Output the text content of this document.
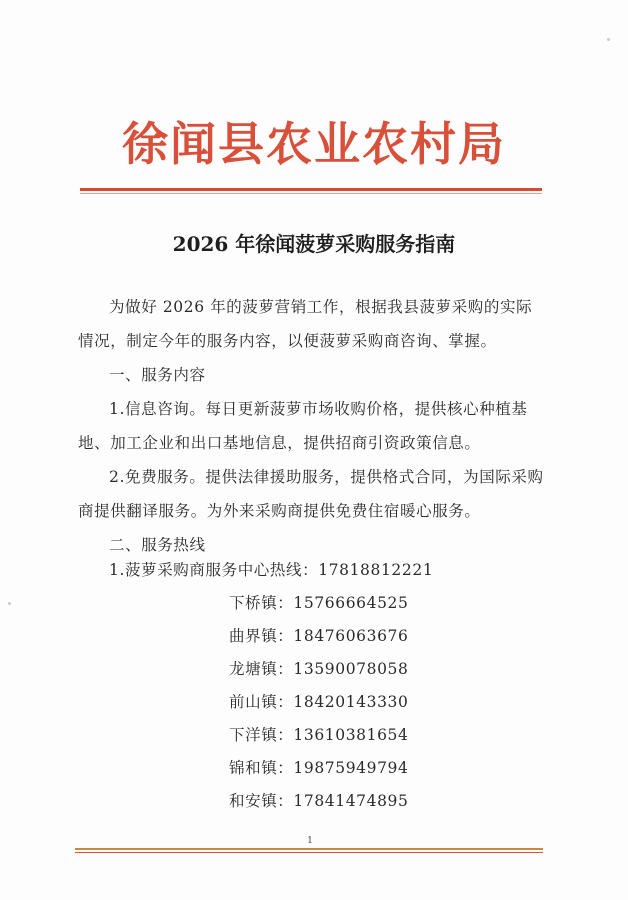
徐闻县农业农村局
2026 年徐闻菠萝采购服务指南

为做好 2026 年的菠萝营销工作，根据我县菠萝采购的实际情况，制定今年的服务内容，以便菠萝采购商咨询、掌握。

一、服务内容

1.信息咨询。每日更新菠萝市场收购价格，提供核心种植基地、加工企业和出口基地信息，提供招商引资政策信息。

2.免费服务。提供法律援助服务，提供格式合同，为国际采购商提供翻译服务。为外来采购商提供免费住宿暖心服务。

二、服务热线

1.菠萝采购商服务中心热线：17818812221
下桥镇：15766664525
曲界镇：18476063676
龙塘镇：13590078058
前山镇：18420143330
下洋镇：13610381654
锦和镇：19875949794
和安镇：17841474895
1
